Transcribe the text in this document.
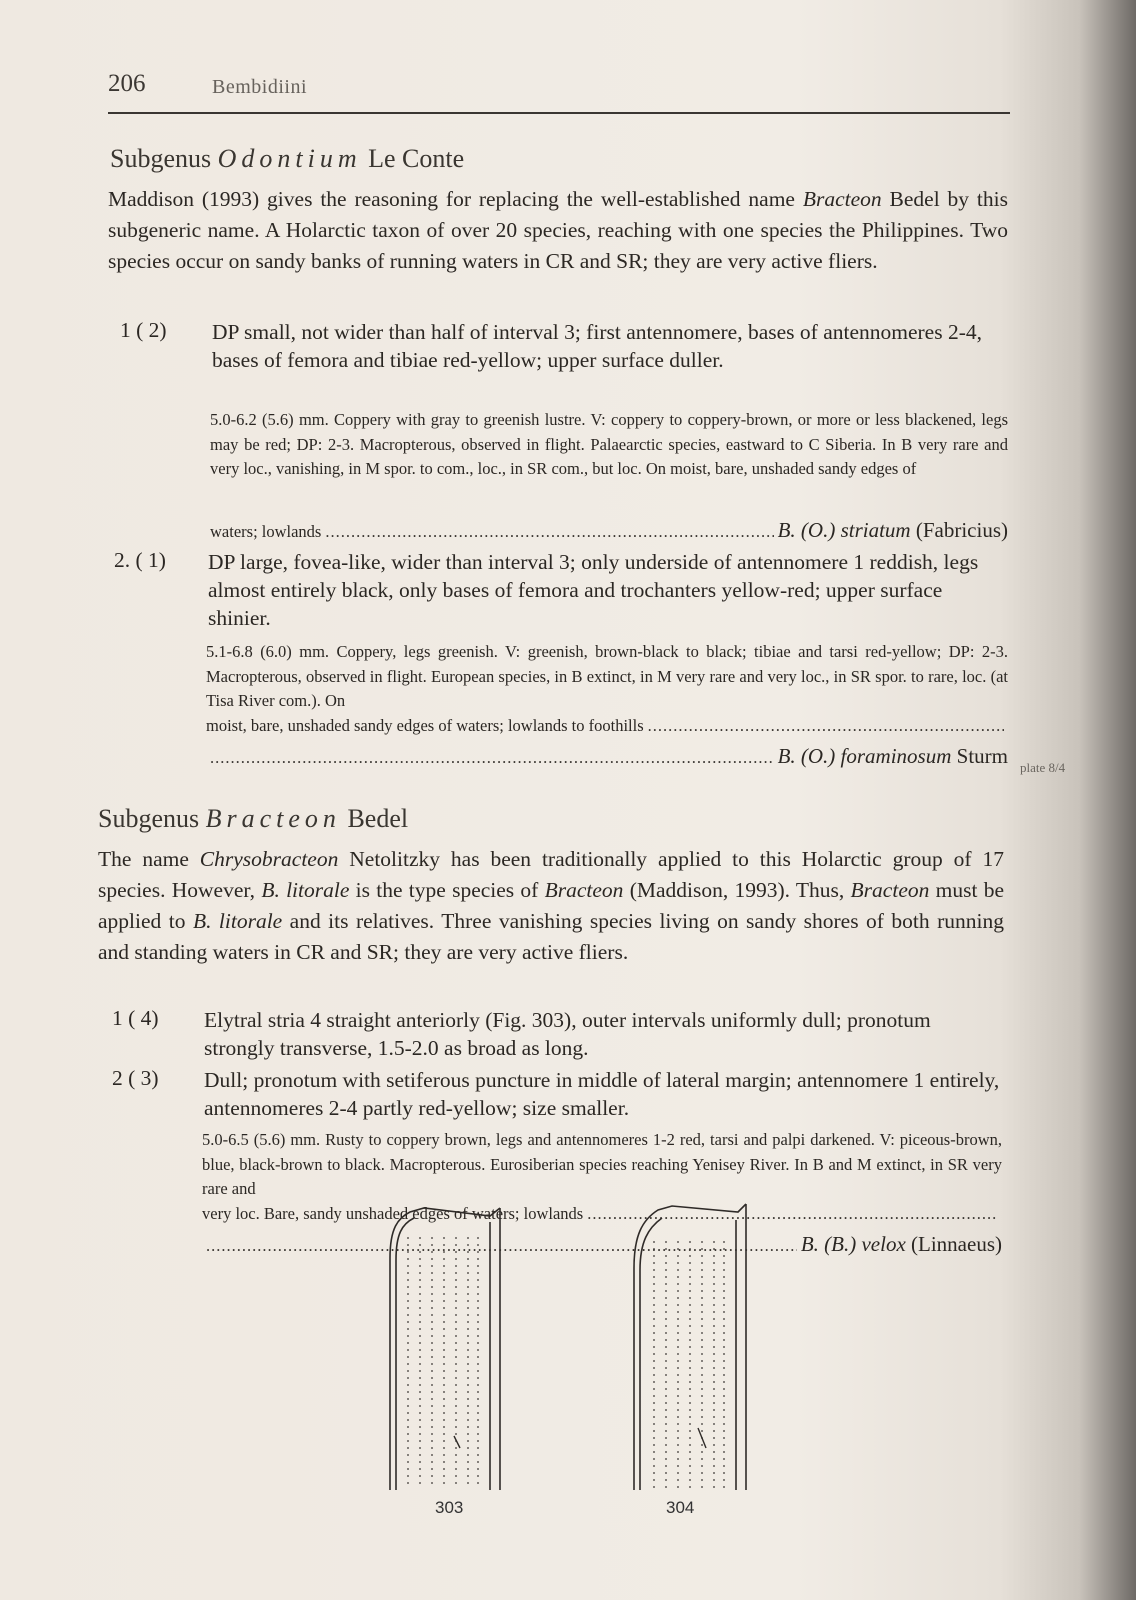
206	Bembidiini
Subgenus Odontium Le Conte
Maddison (1993) gives the reasoning for replacing the well-established name Bracteon Bedel by this subgeneric name. A Holarctic taxon of over 20 species, reaching with one species the Philippines. Two species occur on sandy banks of running waters in CR and SR; they are very active fliers.
1 ( 2) DP small, not wider than half of interval 3; first antennomere, bases of antennomeres 2-4, bases of femora and tibiae red-yellow; upper surface duller.
5.0-6.2 (5.6) mm. Coppery with gray to greenish lustre. V: coppery to coppery-brown, or more or less blackened, legs may be red; DP: 2-3. Macropterous, observed in flight. Palaearctic species, eastward to C Siberia. In B very rare and very loc., vanishing, in M spor. to com., loc., in SR com., but loc. On moist, bare, unshaded sandy edges of
waters; lowlands
.....	B. (O.) striatum (Fabricius)
2. ( 1) DP large, fovea-like, wider than interval 3; only underside of antennomere 1 reddish, legs almost entirely black, only bases of femora and trochanters yellow-red; upper surface shinier.
5.1-6.8 (6.0) mm. Coppery, legs greenish. V: greenish, brown-black to black; tibiae and tarsi red-yellow; DP: 2-3. Macropterous, observed in flight. European species, in B extinct, in M very rare and very loc., in SR spor. to rare, loc. (at Tisa River com.). On
moist, bare, unshaded sandy edges of waters; lowlands to foothills
.....
.....
B. (O.) foraminosum Sturm plate 8/4
Subgenus Bracteon Bedel
The name Chrysobracteon Netolitzky has been traditionally applied to this Holarctic group of 17 species. However, B. litorale is the type species of Bracteon (Maddison, 1993). Thus, Bracteon must be applied to B. litorale and its relatives. Three vanishing species living on sandy shores of both running and standing waters in CR and SR; they are very active fliers.
1 ( 4) Elytral stria 4 straight anteriorly (Fig. 303), outer intervals uniformly dull; pronotum strongly transverse, 1.5-2.0 as broad as long.
2 ( 3) Dull; pronotum with setiferous puncture in middle of lateral margin; antennomere 1 entirely, antennomeres 2-4 partly red-yellow; size smaller.
5.0-6.5 (5.6) mm. Rusty to coppery brown, legs and antennomeres 1-2 red, tarsi and palpi darkened. V: piceous-brown, blue, black-brown to black. Macropterous. Eurosiberian species reaching Yenisey River. In B and M extinct, in SR very rare and
very loc. Bare, sandy unshaded edges of waters; lowlands
.....
.....
B. (B.) velox (Linnaeus)
303	304
